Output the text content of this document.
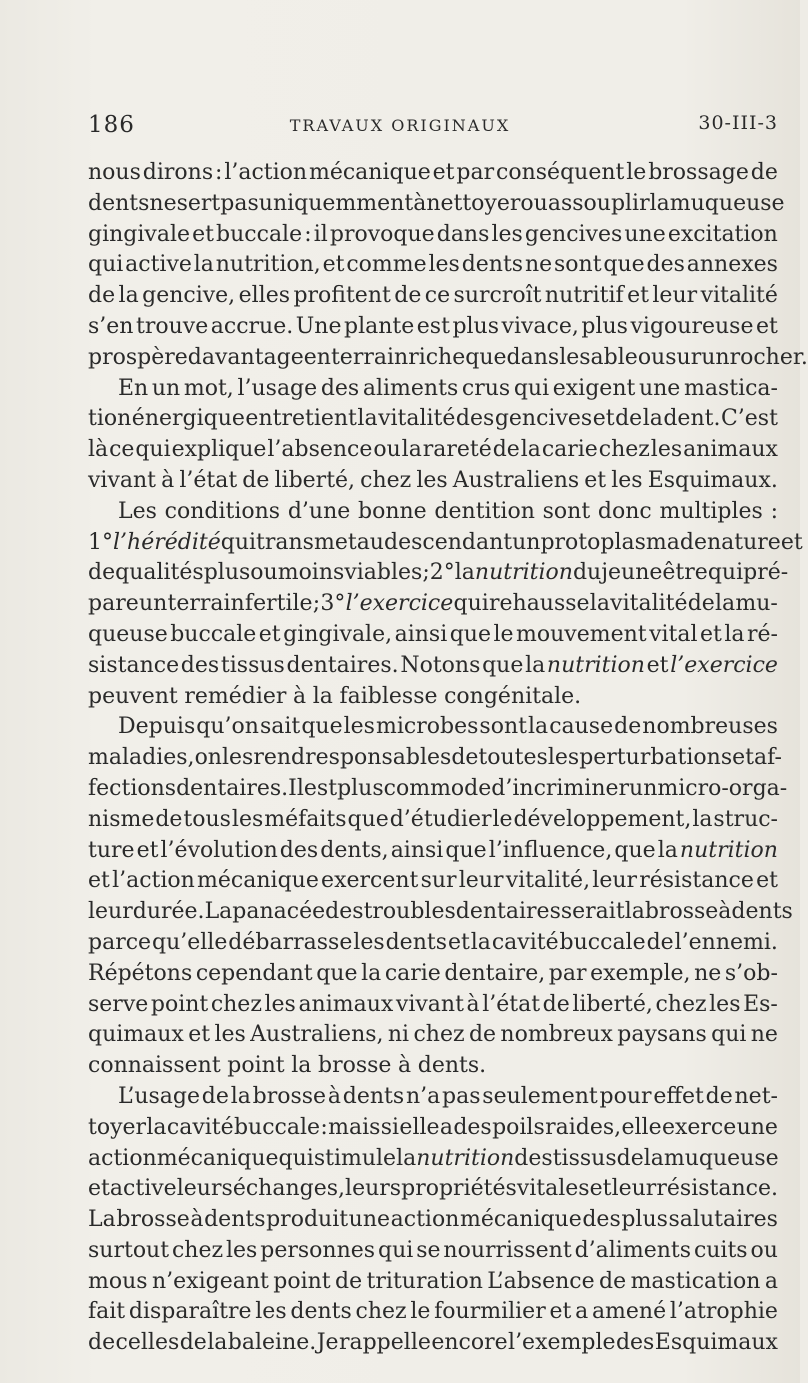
186	TRAVAUX ORIGINAUX	30-III-3
nous dirons : l’action mécanique et par conséquent le brossage de
dents ne sert pas uniquemment à nettoyer ou assouplir la muqueuse
gingivale et buccale : il provoque dans les gencives une excitation
qui active la nutrition, et comme les dents ne sont que des annexes
de la gencive, elles profitent de ce surcroît nutritif et leur vitalité
s’en trouve accrue. Une plante est plus vivace, plus vigoureuse et
prospère davantage en terrain riche que dans le sable ou sur un rocher.
En un mot, l’usage des aliments crus qui exigent une mastica-
tion énergique entretient la vitalité des gencives et de la dent. C’est
là ce qui explique l’absence ou la rareté de la carie chez les animaux
vivant à l’état de liberté, chez les Australiens et les Esquimaux.
Les conditions d’une bonne dentition sont donc multiples :
1° l’hérédité qui transmet au descendant un protoplasma de nature et
de qualités plus ou moins viables ; 2° la nutrition du jeune être qui pré-
pare un terrain fertile ; 3° l’exercice qui rehausse la vitalité de la mu-
queuse buccale et gingivale, ainsi que le mouvement vital et la ré-
sistance des tissus dentaires. Notons que la nutrition et l’exercice
peuvent remédier à la faiblesse congénitale.
Depuis qu’on sait que les microbes sont la cause de nombreuses
maladies, on les rend responsables de toutes les perturbations et af-
fections dentaires. Il est plus commode d’incriminer un micro-orga-
nisme de tous les méfaits que d’étudier le développement, la struc-
ture et l’évolution des dents, ainsi que l’influence, que la nutrition
et l’action mécanique exercent sur leur vitalité, leur résistance et
leur durée. La panacée des troubles dentaires serait la brosse à dents
parce qu’elle débarrasse les dents et la cavité buccale de l’ennemi.
Répétons cependant que la carie dentaire, par exemple, ne s’ob-
serve point chez les animaux vivant à l’état de liberté, chez les Es-
quimaux et les Australiens, ni chez de nombreux paysans qui ne
connaissent point la brosse à dents.
L’usage de la brosse à dents n’a pas seulement pour effet de net-
toyer la cavité buccale : mais si elle a des poils raides, elle exerce une
action mécanique qui stimule la nutrition des tissus de la muqueuse
et active leurs échanges, leurs propriétés vitales et leur résistance.
La brosse à dents produit une action mécanique des plus salutaires
surtout chez les personnes qui se nourrissent d’aliments cuits ou
mous n’exigeant point de trituration L’absence de mastication a
fait disparaître les dents chez le fourmilier et a amené l’atrophie
de celles de la baleine. Je rappelle encore l’exemple des Esquimaux
